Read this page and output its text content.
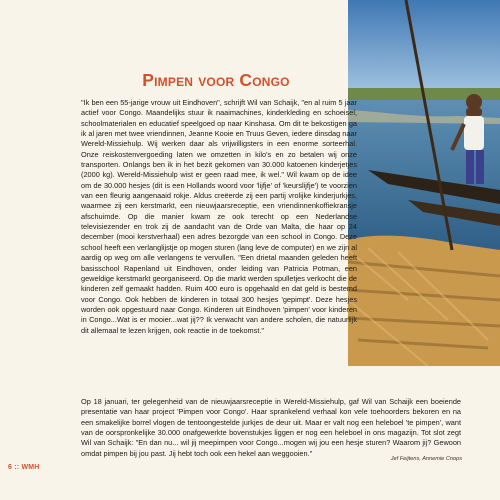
Pimpen voor Congo

"Ik ben een 55-jarige vrouw uit Eindhoven", schrijft Wil van Schaijk, "en al ruim 5 jaar actief voor Congo. Maandelijks stuur ik naaimachines, kinderkleding en schoeisel, schoolmaterialen en educatief speelgoed op naar Kinshasa. Om dit te bekostigen ga ik al jaren met twee vriendinnen, Jeanne Kooie en Truus Geven, iedere dinsdag naar Wereld-Missiehulp. Wij werken daar als vrijwilligsters in een enorme sorteerhal. Onze reiskostenvergoeding laten we omzetten in kilo's en zo betalen wij onze transporten. Onlangs ben ik in het bezit gekomen van 30.000 katoenen kinderjetjes (2000 kg). Wereld-Missiehulp wist er geen raad mee, ik wel." Wil kwam op de idee om de 30.000 hesjes (dit is een Hollands woord voor 'lijfje' of 'keurslijfje') te voorzien van een fleurig aangenaaid rokje. Aldus creëerde zij een partij vrolijke kinderjurkjes, waarmee zij een kerstmarkt, een nieuwjaarsreceptie, een vriendinnenkoffiekransje afschuimde. Op die manier kwam ze ook terecht op een Nederlandse televisiezender en trok zij de aandacht van de Orde van Malta, die haar op 24 december (mooi kerstverhaal) een adres bezorgde van een school in Congo. Deze school heeft een verlanglijstje op mogen sturen (lang leve de computer) en we zijn al aardig op weg om alle verlangens te vervullen. "Een drietal maanden geleden heeft basisschool Rapenland uit Eindhoven, onder leiding van Patricia Potman, een geweldige kerstmarkt georganiseerd. Op die markt werden spulletjes verkocht die de kinderen zelf gemaakt hadden. Ruim 400 euro is opgehaald en dat geld is bestemd voor Congo. Ook hebben de kinderen in totaal 300 hesjes 'gepimpt'. Deze hesjes worden ook opgestuurd naar Congo. Kinderen uit Eindhoven 'pimpen' voor kinderen in Congo...Wat is er mooier...wat jij?? Ik verwacht van andere scholen, die natuurlijk dit allemaal te lezen krijgen, ook reactie in de toekomst."

Op 18 januari, ter gelegenheid van de nieuwjaarsreceptie in Wereld-Missiehulp, gaf Wil van Schaijk een boeiende presentatie van haar project 'Pimpen voor Congo'. Haar sprankelend verhaal kon vele toehoorders bekoren en na een smakelijke borrel vlogen de tentoongestelde jurkjes de deur uit. Maar er valt nog een heleboel 'te pimpen', want van de oorspronkelijke 30.000 onafgewerkte bovenstukjes liggen er nog een heleboel in ons magazijn. Tot slot zegt Wil van Schaijk: "En dan nu... wil jij meepimpen voor Congo...mogen wij jou een hesje sturen? Waarom jij? Gewoon omdat pimpen bij jou past. Jij hebt toch ook een hekel aan weggooien."

Jef Feijtens, Annemie Cnops
6 :: WMH
